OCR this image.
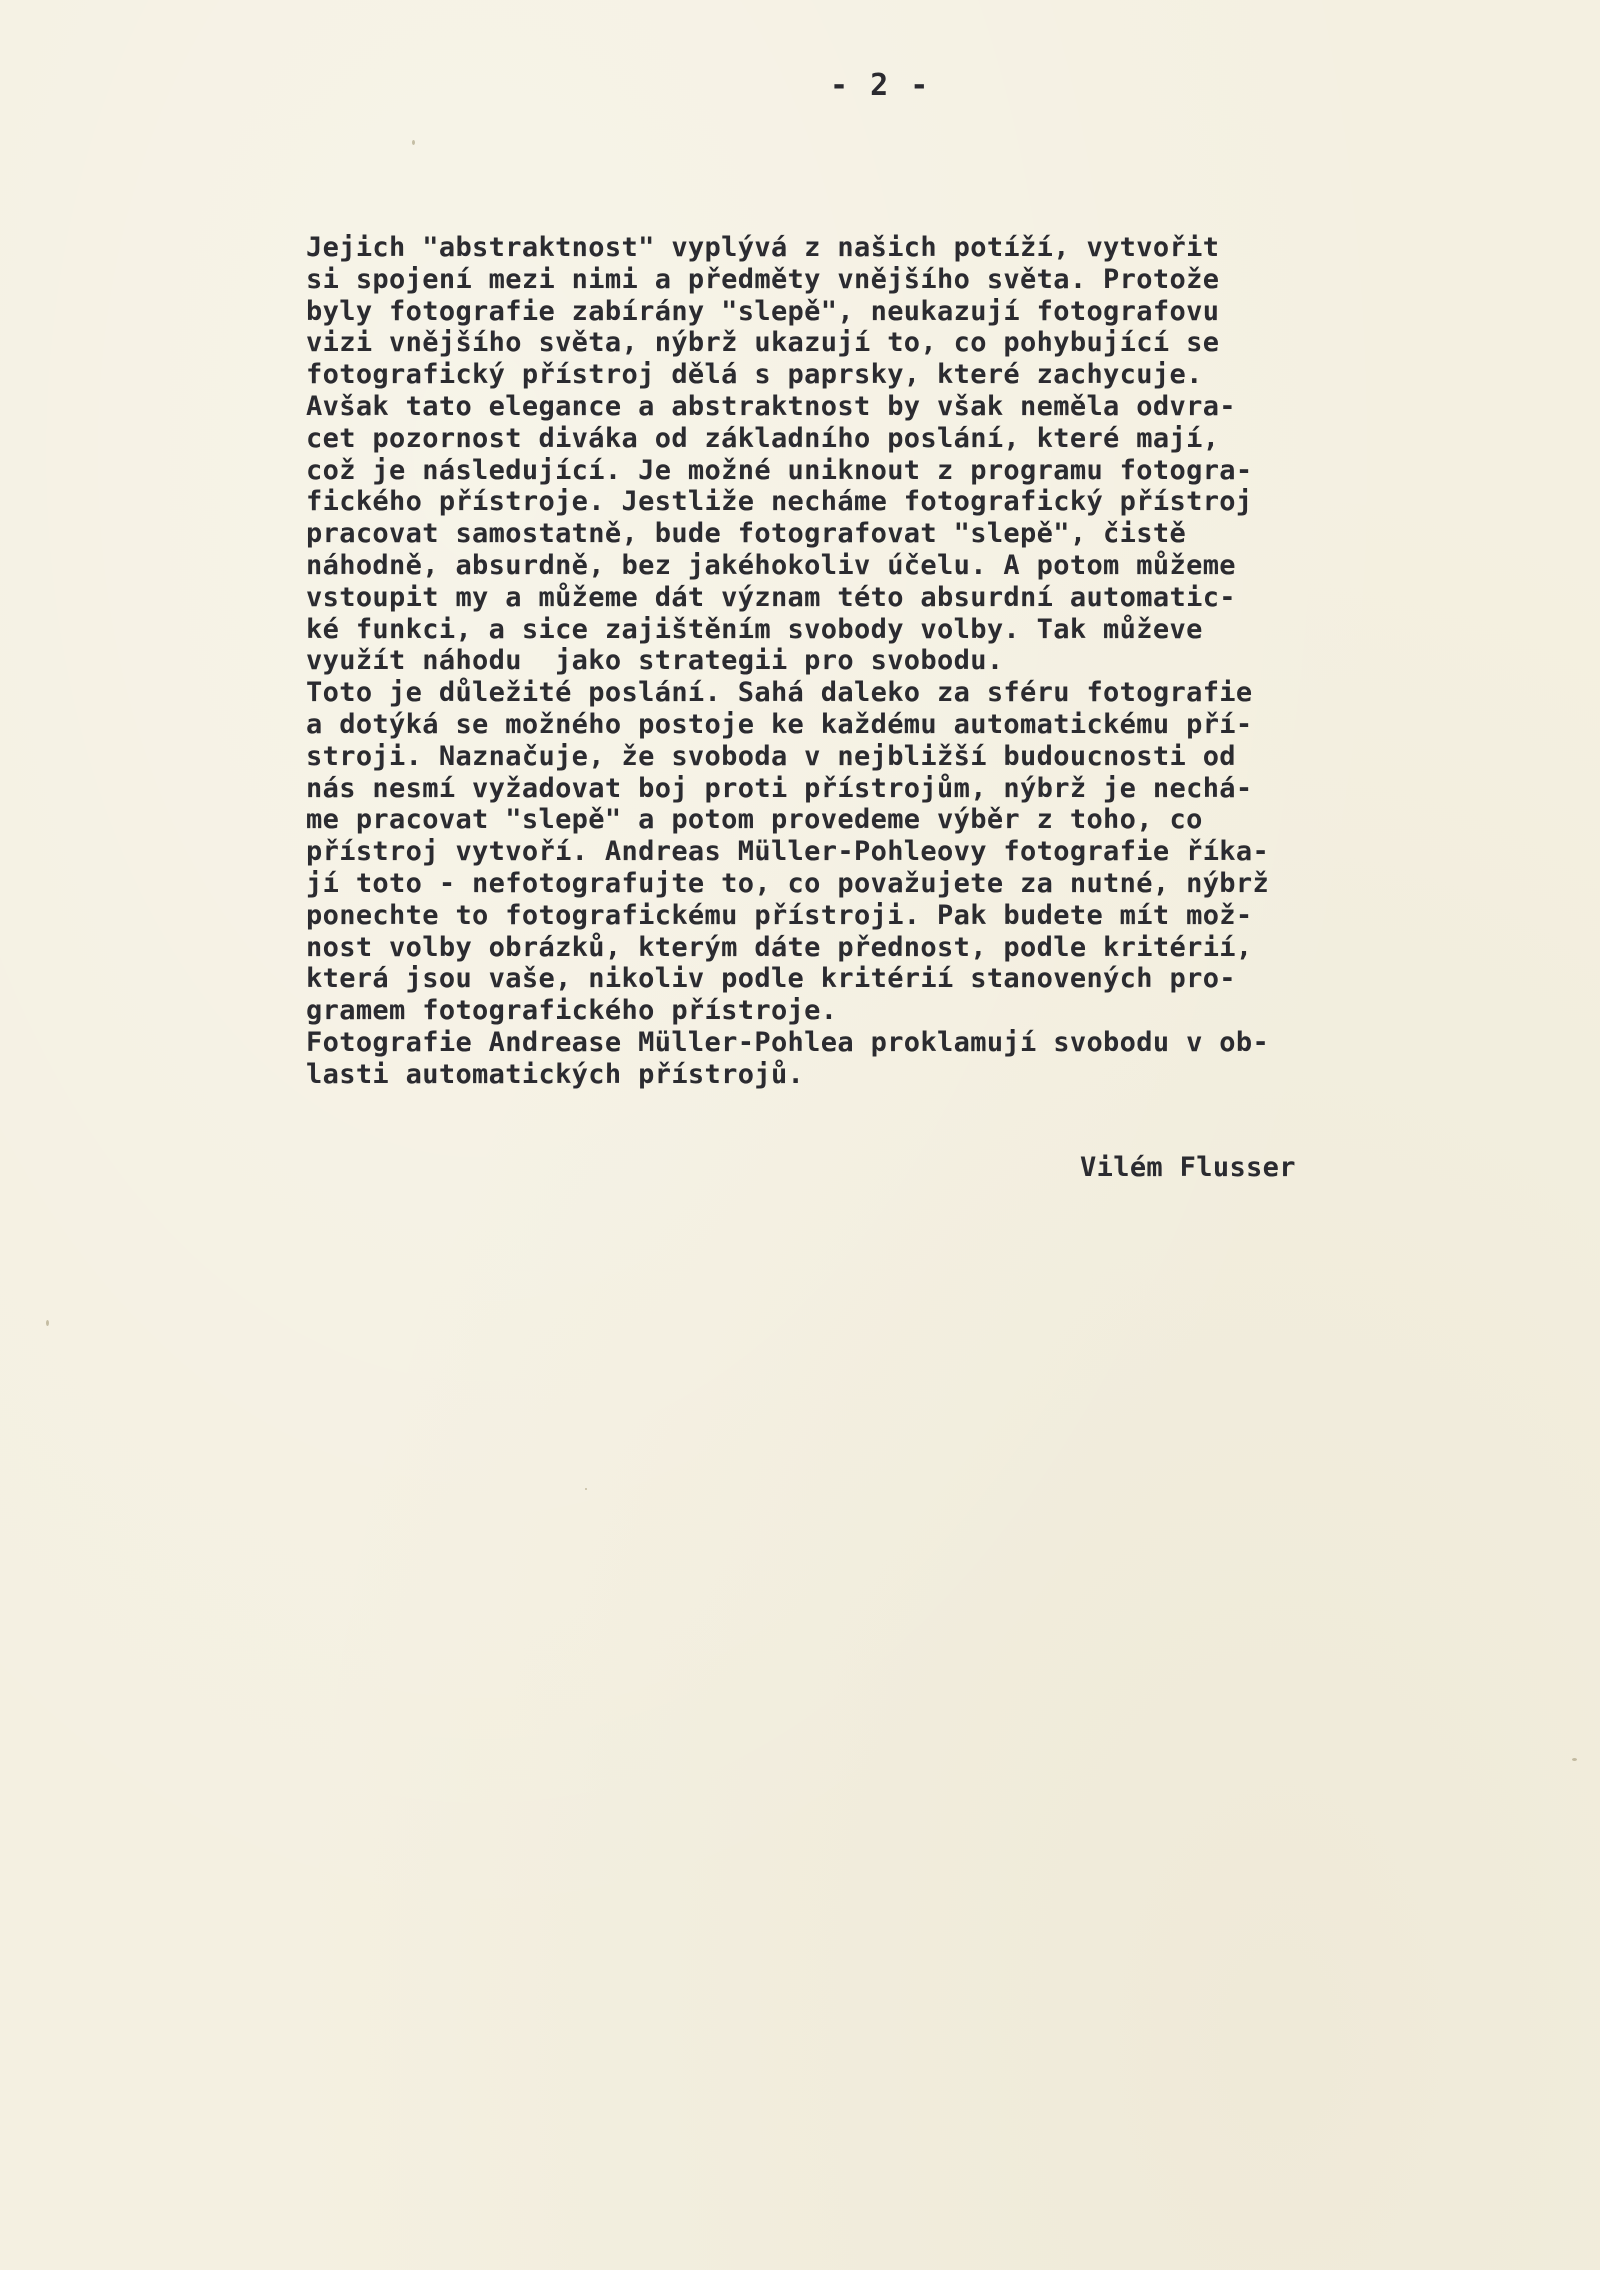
- 2 -
Jejich "abstraktnost" vyplývá z našich potíží, vytvořit
si spojení mezi nimi a předměty vnějšího světa. Protože
byly fotografie zabírány "slepě", neukazují fotografovu
vizi vnějšího světa, nýbrž ukazují to, co pohybující se
fotografický přístroj dělá s paprsky, které zachycuje.
Avšak tato elegance a abstraktnost by však neměla odvra-
cet pozornost diváka od základního poslání, které mají,
což je následující. Je možné uniknout z programu fotogra-
fického přístroje. Jestliže necháme fotografický přístroj
pracovat samostatně, bude fotografovat "slepě", čistě
náhodně, absurdně, bez jakéhokoliv účelu. A potom můžeme
vstoupit my a můžeme dát význam této absurdní automatic-
ké funkci, a sice zajištěním svobody volby. Tak můževe
využít náhodu  jako strategii pro svobodu.
Toto je důležité poslání. Sahá daleko za sféru fotografie
a dotýká se možného postoje ke každému automatickému pří-
stroji. Naznačuje, že svoboda v nejbližší budoucnosti od
nás nesmí vyžadovat boj proti přístrojům, nýbrž je nechá-
me pracovat "slepě" a potom provedeme výběr z toho, co
přístroj vytvoří. Andreas Müller-Pohleovy fotografie říka-
jí toto - nefotografujte to, co považujete za nutné, nýbrž
ponechte to fotografickému přístroji. Pak budete mít mož-
nost volby obrázků, kterým dáte přednost, podle kritérií,
která jsou vaše, nikoliv podle kritérií stanovených pro-
gramem fotografického přístroje.
Fotografie Andrease Müller-Pohlea proklamují svobodu v ob-
lasti automatických přístrojů.
Vilém Flusser
